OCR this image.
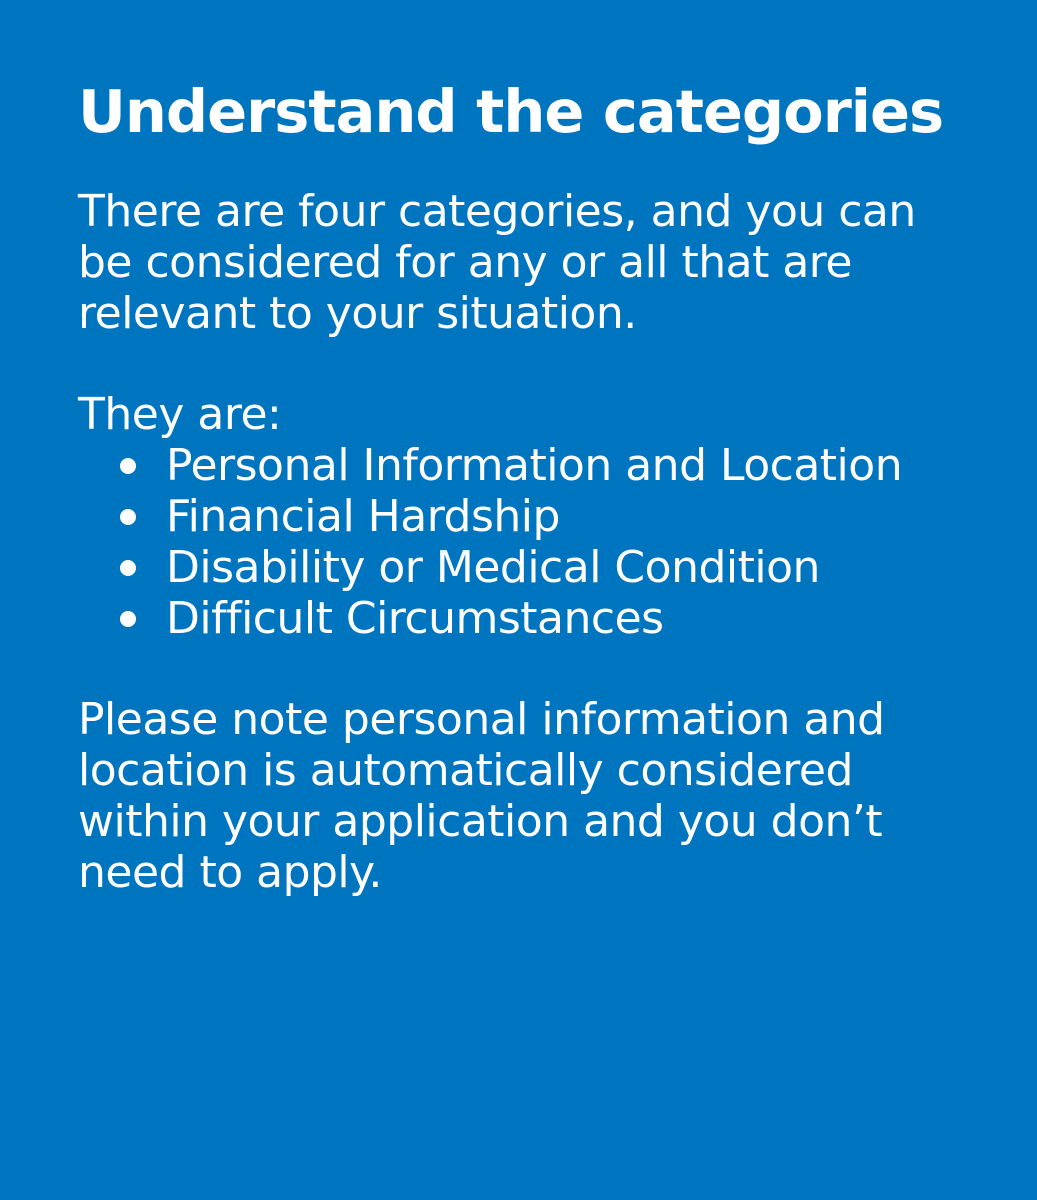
Understand the categories

There are four categories, and you can be considered for any or all that are relevant to your situation.

They are:

Personal Information and Location
Financial Hardship
Disability or Medical Condition
Difficult Circumstances

Please note personal information and location is automatically considered within your application and you don’t need to apply.
